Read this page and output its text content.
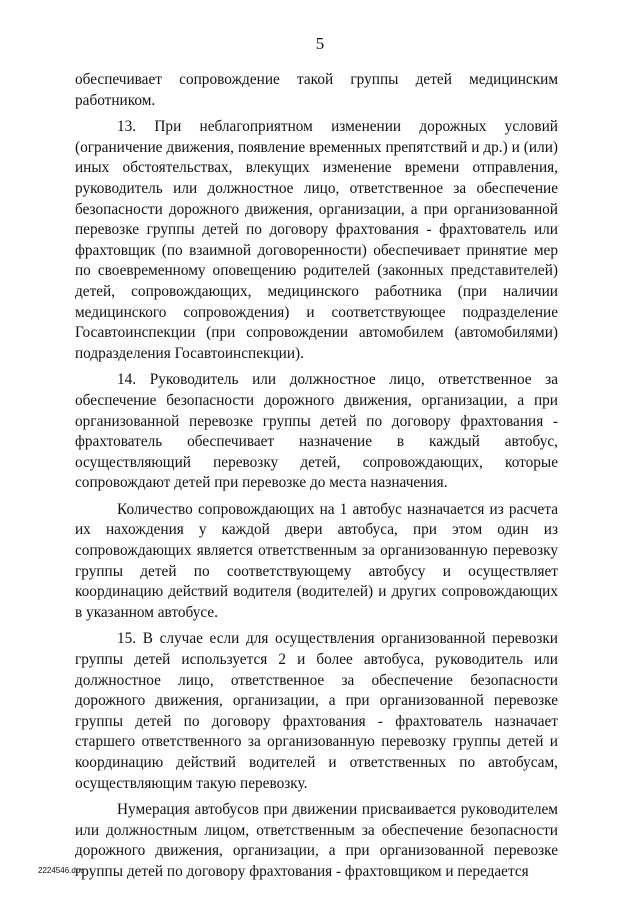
5

обеспечивает сопровождение такой группы детей медицинским работником.

13. При неблагоприятном изменении дорожных условий (ограничение движения, появление временных препятствий и др.) и (или) иных обстоятельствах, влекущих изменение времени отправления, руководитель или должностное лицо, ответственное за обеспечение безопасности дорожного движения, организации, а при организованной перевозке группы детей по договору фрахтования - фрахтователь или фрахтовщик (по взаимной договоренности) обеспечивает принятие мер по своевременному оповещению родителей (законных представителей) детей, сопровождающих, медицинского работника (при наличии медицинского сопровождения) и соответствующее подразделение Госавтоинспекции (при сопровождении автомобилем (автомобилями) подразделения Госавтоинспекции).

14. Руководитель или должностное лицо, ответственное за обеспечение безопасности дорожного движения, организации, а при организованной перевозке группы детей по договору фрахтования - фрахтователь обеспечивает назначение в каждый автобус, осуществляющий перевозку детей, сопровождающих, которые сопровождают детей при перевозке до места назначения.

Количество сопровождающих на 1 автобус назначается из расчета их нахождения у каждой двери автобуса, при этом один из сопровождающих является ответственным за организованную перевозку группы детей по соответствующему автобусу и осуществляет координацию действий водителя (водителей) и других сопровождающих в указанном автобусе.

15. В случае если для осуществления организованной перевозки группы детей используется 2 и более автобуса, руководитель или должностное лицо, ответственное за обеспечение безопасности дорожного движения, организации, а при организованной перевозке группы детей по договору фрахтования - фрахтователь назначает старшего ответственного за организованную перевозку группы детей и координацию действий водителей и ответственных по автобусам, осуществляющим такую перевозку.

Нумерация автобусов при движении присваивается руководителем или должностным лицом, ответственным за обеспечение безопасности дорожного движения, организации, а при организованной перевозке группы детей по договору фрахтования - фрахтовщиком и передается

2224546.doc
